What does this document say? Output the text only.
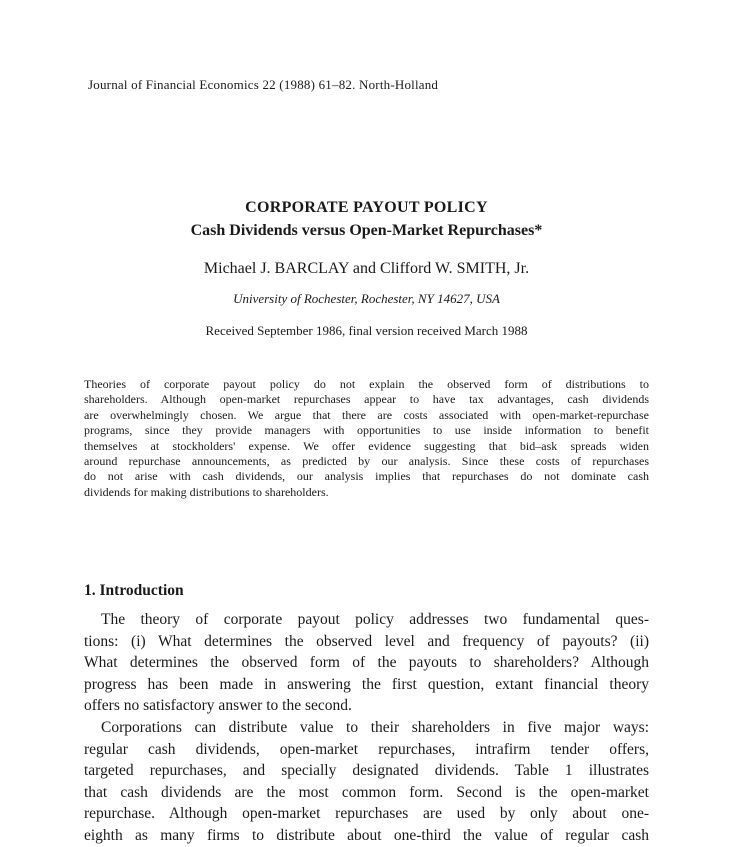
Journal of Financial Economics 22 (1988) 61–82. North-Holland
CORPORATE PAYOUT POLICY
Cash Dividends versus Open-Market Repurchases*
Michael J. BARCLAY and Clifford W. SMITH, Jr.
University of Rochester, Rochester, NY 14627, USA
Received September 1986, final version received March 1988
Theories of corporate payout policy do not explain the observed form of distributions to
shareholders. Although open-market repurchases appear to have tax advantages, cash dividends
are overwhelmingly chosen. We argue that there are costs associated with open-market-repurchase
programs, since they provide managers with opportunities to use inside information to benefit
themselves at stockholders' expense. We offer evidence suggesting that bid–ask spreads widen
around repurchase announcements, as predicted by our analysis. Since these costs of repurchases
do not arise with cash dividends, our analysis implies that repurchases do not dominate cash
dividends for making distributions to shareholders.
1. Introduction
The theory of corporate payout policy addresses two fundamental ques-
tions: (i) What determines the observed level and frequency of payouts? (ii)
What determines the observed form of the payouts to shareholders? Although
progress has been made in answering the first question, extant financial theory
offers no satisfactory answer to the second.
Corporations can distribute value to their shareholders in five major ways:
regular cash dividends, open-market repurchases, intrafirm tender offers,
targeted repurchases, and specially designated dividends. Table 1 illustrates
that cash dividends are the most common form. Second is the open-market
repurchase. Although open-market repurchases are used by only about one-
eighth as many firms to distribute about one-third the value of regular cash
